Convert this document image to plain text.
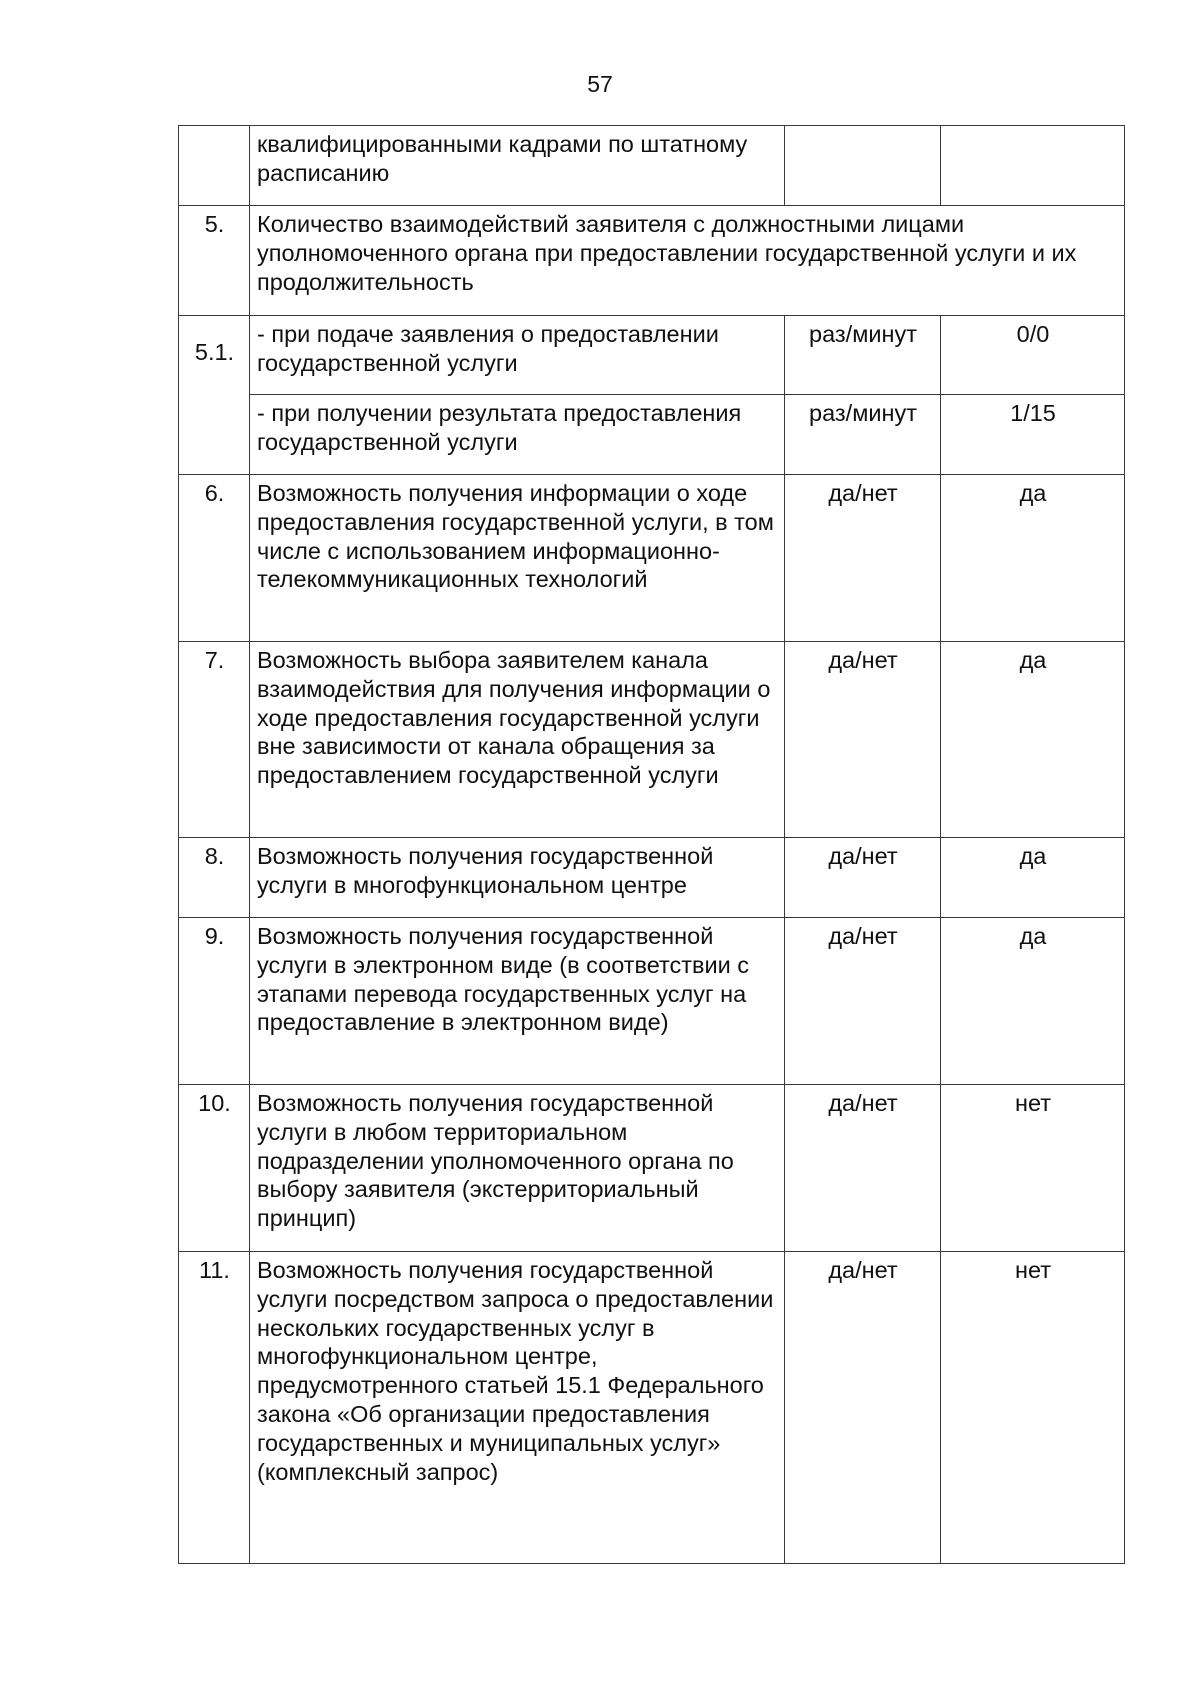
57
	квалифицированными кадрами по штатному расписанию		
5.	Количество взаимодействий заявителя с должностными лицами уполномоченного органа при предоставлении государственной услуги и их продолжительность		
5.1.	- при подаче заявления о предоставлении государственной услуги	раз/минут	0/0
	- при получении результата предоставления государственной услуги	раз/минут	1/15
6.	Возможность получения информации о ходе предоставления государственной услуги, в том числе с использованием информационно-телекоммуникационных технологий	да/нет	да
7.	Возможность выбора заявителем канала взаимодействия для получения информации о ходе предоставления государственной услуги вне зависимости от канала обращения за предоставлением государственной услуги	да/нет	да
8.	Возможность получения государственной услуги в многофункциональном центре	да/нет	да
9.	Возможность получения государственной услуги в электронном виде (в соответствии с этапами перевода государственных услуг на предоставление в электронном виде)	да/нет	да
10.	Возможность получения государственной услуги в любом территориальном подразделении уполномоченного органа по выбору заявителя (экстерриториальный принцип)	да/нет	нет
11.	Возможность получения государственной услуги посредством запроса о предоставлении нескольких государственных услуг в многофункциональном центре, предусмотренного статьей 15.1 Федерального закона «Об организации предоставления государственных и муниципальных услуг» (комплексный запрос)	да/нет	нет
